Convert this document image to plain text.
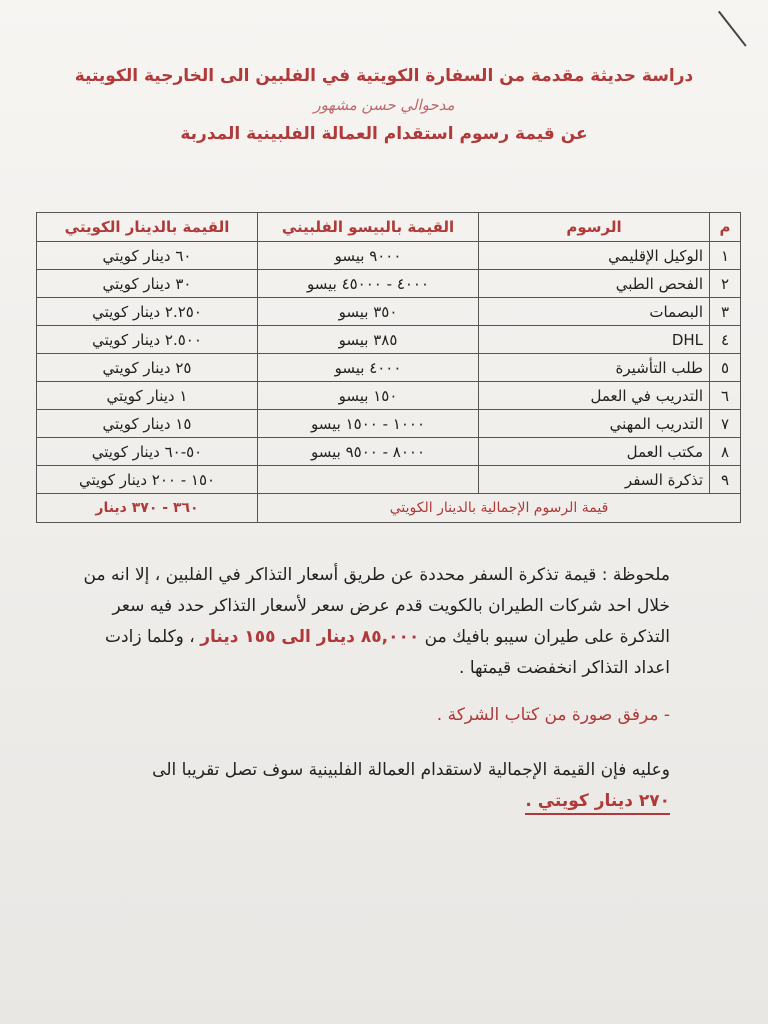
دراسة حديثة مقدمة من السفارة الكويتية في الفلبين الى الخارجية الكويتية
مدحوالي حسن مشهور
عن قيمة رسوم استقدام العمالة الفلبينية المدربة
م	الرسوم	القيمة بالبيسو الفلبيني	القيمة بالدينار الكويتي
١	الوكيل الإقليمي	٩٠٠٠ بيسو	٦٠ دينار كويتي
٢	الفحص الطبي	٤٠٠٠ - ٤٥٠٠٠ بيسو	٣٠ دينار كويتي
٣	البصمات	٣٥٠ بيسو	٢.٢٥٠ دينار كويتي
٤	DHL	٣٨٥ بيسو	٢.٥٠٠ دينار كويتي
٥	طلب التأشيرة	٤٠٠٠ بيسو	٢٥ دينار كويتي
٦	التدريب في العمل	١٥٠ بيسو	١ دينار كويتي
٧	التدريب المهني	١٠٠٠ - ١٥٠٠ بيسو	١٥ دينار كويتي
٨	مكتب العمل	٨٠٠٠ - ٩٥٠٠ بيسو	٥٠-٦٠ دينار كويتي
٩	تذكرة السفر		١٥٠ - ٢٠٠ دينار كويتي
قيمة الرسوم الإجمالية بالدينار الكويتي			٣٦٠ - ٣٧٠ دينار
ملحوظة : قيمة تذكرة السفر محددة عن طريق أسعار التذاكر في الفلبين ، إلا انه من خلال احد شركات الطيران بالكويت قدم عرض سعر لأسعار التذاكر حدد فيه سعر التذكرة على طيران سيبو بافيك من ٨٥,٠٠٠ دينار الى ١٥٥ دينار ، وكلما زادت اعداد التذاكر انخفضت قيمتها .
- مرفق صورة من كتاب الشركة .
وعليه فإن القيمة الإجمالية لاستقدام العمالة الفلبينية سوف تصل تقريبا الى
٢٧٠ دينار كويتي .
